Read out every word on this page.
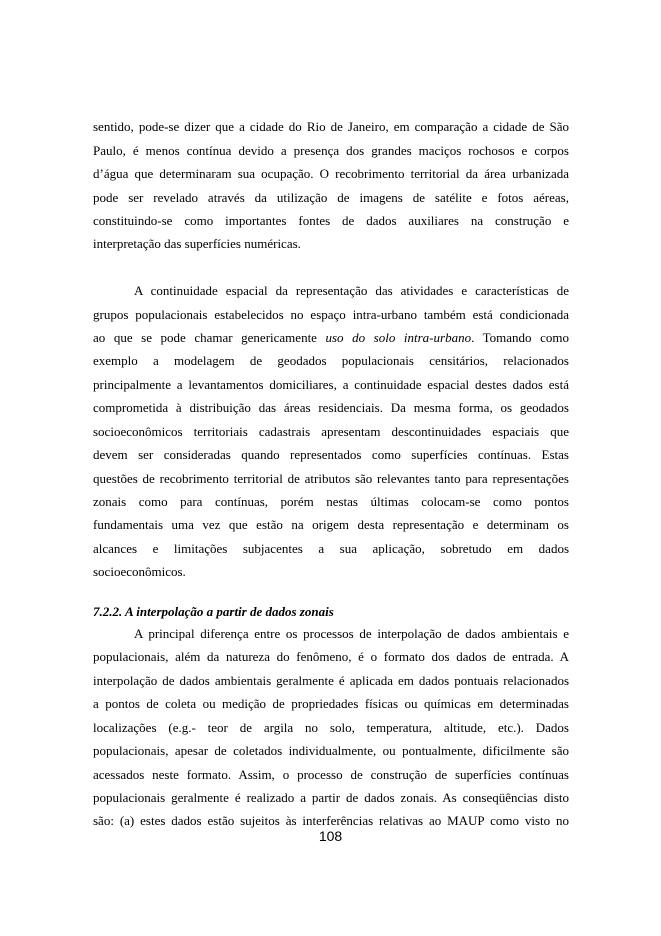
sentido, pode-se dizer que a cidade do Rio de Janeiro, em comparação a cidade de São
Paulo, é menos contínua devido a presença dos grandes maciços rochosos e corpos
d’água que determinaram sua ocupação. O recobrimento territorial da área urbanizada
pode ser revelado através da utilização de imagens de satélite e fotos aéreas,
constituindo-se como importantes fontes de dados auxiliares na construção e
interpretação das superfícies numéricas.
A continuidade espacial da representação das atividades e características de
grupos populacionais estabelecidos no espaço intra-urbano também está condicionada
ao que se pode chamar genericamente uso do solo intra-urbano. Tomando como
exemplo a modelagem de geodados populacionais censitários, relacionados
principalmente a levantamentos domiciliares, a continuidade espacial destes dados está
comprometida à distribuição das áreas residenciais. Da mesma forma, os geodados
socioeconômicos territoriais cadastrais apresentam descontinuidades espaciais que
devem ser consideradas quando representados como superfícies contínuas. Estas
questões de recobrimento territorial de atributos são relevantes tanto para representações
zonais como para contínuas, porém nestas últimas colocam-se como pontos
fundamentais uma vez que estão na origem desta representação e determinam os
alcances e limitações subjacentes a sua aplicação, sobretudo em dados
socioeconômicos.
7.2.2. A interpolação a partir de dados zonais
A principal diferença entre os processos de interpolação de dados ambientais e
populacionais, além da natureza do fenômeno, é o formato dos dados de entrada. A
interpolação de dados ambientais geralmente é aplicada em dados pontuais relacionados
a pontos de coleta ou medição de propriedades físicas ou químicas em determinadas
localizações (e.g.- teor de argila no solo, temperatura, altitude, etc.). Dados
populacionais, apesar de coletados individualmente, ou pontualmente, dificilmente são
acessados neste formato. Assim, o processo de construção de superfícies contínuas
populacionais geralmente é realizado a partir de dados zonais. As conseqüências disto
são: (a) estes dados estão sujeitos às interferências relativas ao MAUP como visto no
108
